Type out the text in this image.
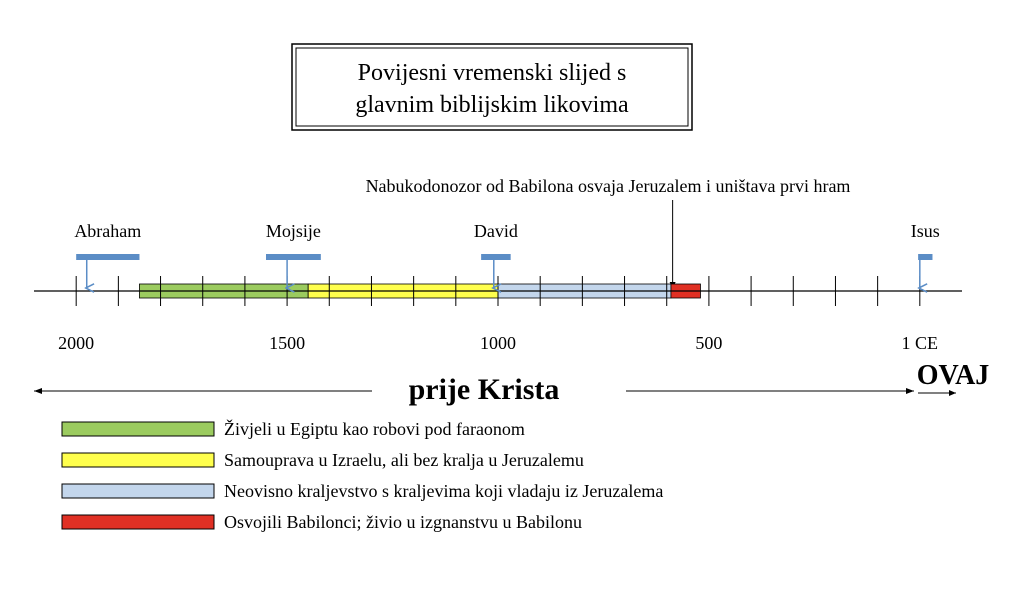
Povijesni vremenski slijed s
glavnim biblijskim likovima
Nabukodonozor od Babilona osvaja Jeruzalem i uništava prvi hram
2000	1500	1000	500	1 CE
Abraham	Mojsije	David	Isus
prije Krista	OVAJ
Živjeli u Egiptu kao robovi pod faraonom
Samouprava u Izraelu, ali bez kralja u Jeruzalemu
Neovisno kraljevstvo s kraljevima koji vladaju iz Jeruzalema
Osvojili Babilonci; živio u izgnanstvu u Babilonu
